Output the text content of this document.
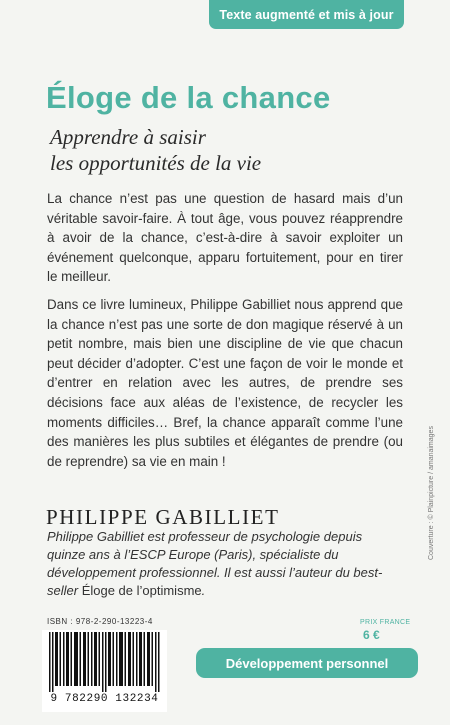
Texte augmenté et mis à jour
Éloge de la chance
Apprendre à saisir
les opportunités de la vie

La chance n’est pas une question de hasard mais d’un véritable savoir-faire. À tout âge, vous pouvez réapprendre à avoir de la chance, c’est-à-dire à savoir exploiter un événement quelconque, apparu fortuitement, pour en tirer le meilleur.

Dans ce livre lumineux, Philippe Gabilliet nous apprend que la chance n’est pas une sorte de don magique réservé à un petit nombre, mais bien une discipline de vie que chacun peut décider d’adopter. C’est une façon de voir le monde et d’entrer en relation avec les autres, de prendre ses décisions face aux aléas de l’existence, de recycler les moments difficiles… Bref, la chance apparaît comme l’une des manières les plus subtiles et élégantes de prendre (ou de reprendre) sa vie en main !

PHILIPPE GABILLIET

Philippe Gabilliet est professeur de psychologie depuis quinze ans à l’ESCP Europe (Paris), spécialiste du développement professionnel. Il est aussi l’auteur du best-seller Éloge de l’optimisme.

Couverture : © Plainpicture / amanaimages
ISBN : 978-2-290-13223-4
9 782290 132234
PRIX FRANCE
6 €
Développement personnel
